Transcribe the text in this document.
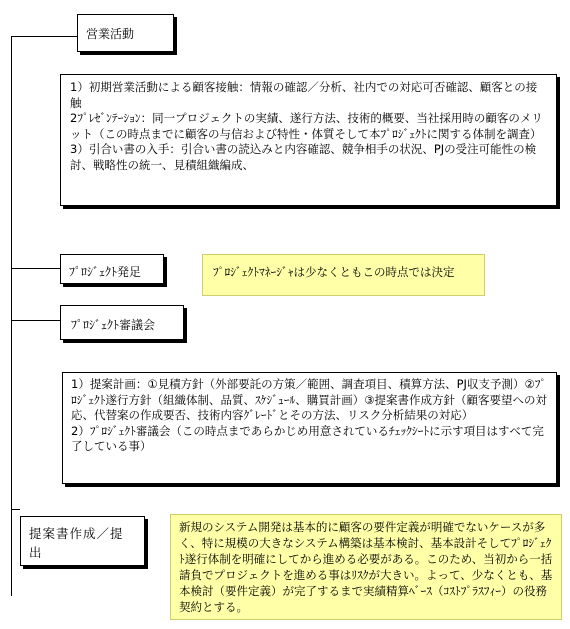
営業活動

1）初期営業活動による顧客接触：情報の確認／分析、社内での対応可否確認、顧客との接触

2ﾌﾟﾚｾﾞﾝﾃｰｼｮﾝ：同一プロジェクトの実績、遂行方法、技術的概要、当社採用時の顧客のメリット（この時点までに顧客の与信および特性・体質そして本ﾌﾟﾛｼﾞｪｸﾄに関する体制を調査）

3）引合い書の入手：引合い書の読込みと内容確認、競争相手の状況、PJの受注可能性の検討、戦略性の統一、見積組織編成、

ﾌﾟﾛｼﾞｪｸﾄ発足	ﾌﾟﾛｼﾞｪｸﾄﾏﾈｰｼﾞｬは少なくともこの時点では決定
ﾌﾟﾛｼﾞｪｸﾄ審議会

1）提案計画：①見積方針（外部要託の方策／範囲、調査項目、積算方法、PJ収支予測）②ﾌﾟﾛｼﾞｪｸﾄ遂行方針（組織体制、品質、ｽｹｼﾞｭｰﾙ、購買計画）③提案書作成方針（顧客要望への対応、代替案の作成要否、技術内容ｸﾞﾚｰﾄﾞとその方法、リスク分析結果の対応）

2）ﾌﾟﾛｼﾞｪｸﾄ審議会（この時点まであらかじめ用意されているﾁｪｯｸｼｰﾄに示す項目はすべて完了している事）

提案書作成／提出

新規のシステム開発は基本的に顧客の要件定義が明確でないケースが多く、特に規模の大きなシステム構築は基本検討、基本設計そしてﾌﾟﾛｼﾞｪｸﾄ遂行体制を明確にしてから進める必要がある。このため、当初から一括請負でプロジェクトを進める事はﾘｽｸが大きい。よって、少なくとも、基本検討（要件定義）が完了するまで実績精算ﾍﾞｰｽ（ｺｽﾄﾌﾟﾗｽﾌｨｰ）の役務契約とする。
